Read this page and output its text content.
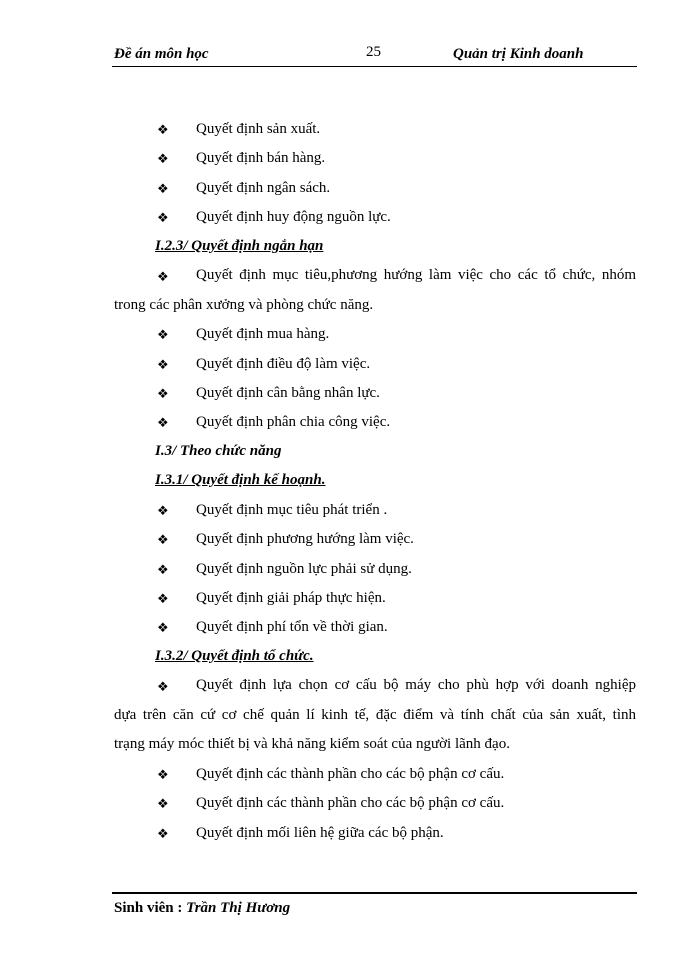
Đề án môn học	25	Quản trị Kinh doanh
❖ Quyết định sản xuất.
❖ Quyết định bán hàng.
❖ Quyết định ngân sách.
❖ Quyết định huy động nguồn lực.
I.2.3/ Quyết định ngắn hạn
❖ Quyết định mục tiêu,phương hướng làm việc cho các tổ chức, nhóm
trong các phân xưởng và phòng chức năng.
❖ Quyết định mua hàng.
❖ Quyết định điều độ làm việc.
❖ Quyết định cân bằng nhân lực.
❖ Quyết định phân chia công việc.
I.3/ Theo chức năng
I.3.1/ Quyết định kế hoạnh.
❖ Quyết định mục tiêu phát triển .
❖ Quyết định phương hướng làm việc.
❖ Quyết định nguồn lực phải sử dụng.
❖ Quyết định giải pháp thực hiện.
❖ Quyết định phí tổn về thời gian.
I.3.2/ Quyết định tổ chức.
❖ Quyết định lựa chọn cơ cấu bộ máy cho phù hợp với doanh nghiệp
dựa trên căn cứ cơ chế quản lí kinh tế, đặc điểm và tính chất của sản xuất, tình
trạng máy móc thiết bị và khả năng kiểm soát của người lãnh đạo.
❖ Quyết định các thành phần cho các bộ phận cơ cấu.
❖ Quyết định các thành phần cho các bộ phận cơ cấu.
❖ Quyết định mối liên hệ giữa các bộ phận.
Sinh viên : Trần Thị Hương
